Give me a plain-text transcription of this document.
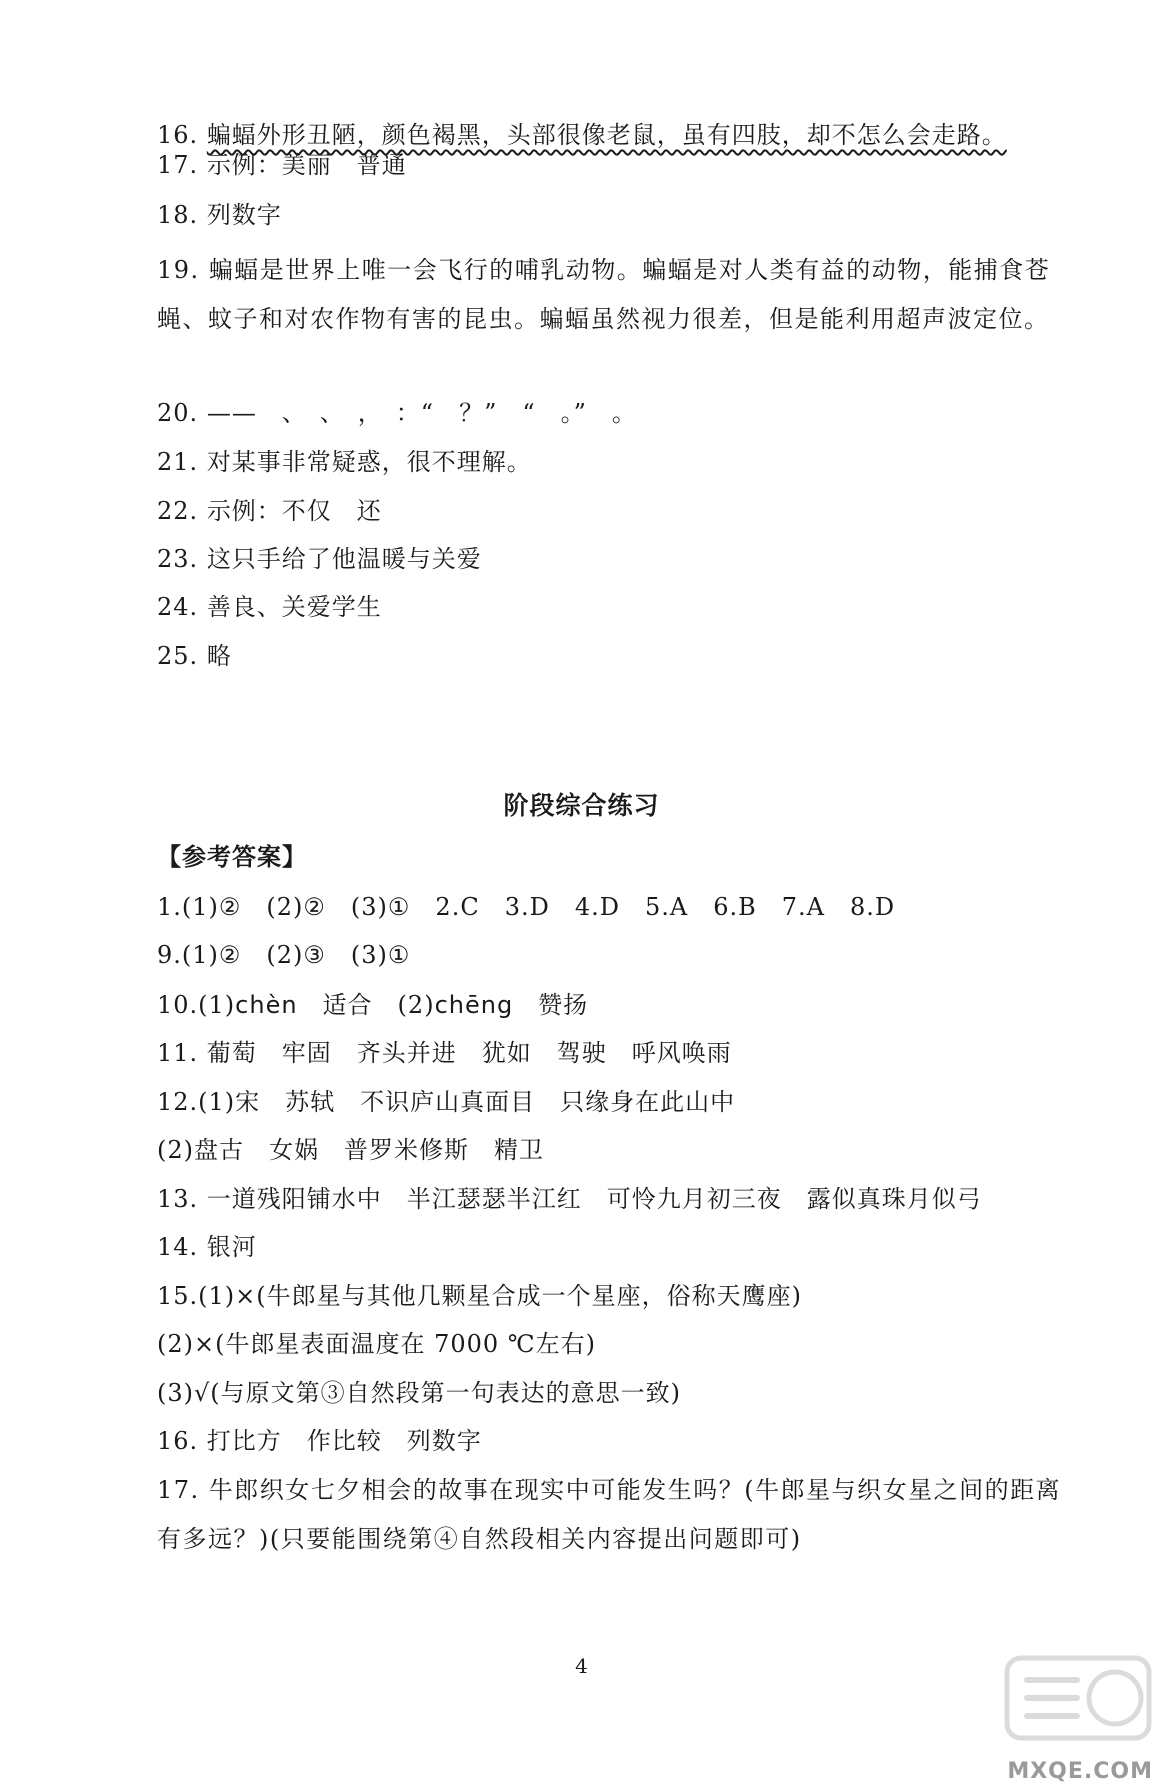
16. 蝙蝠外形丑陋，颜色褐黑，头部很像老鼠，虽有四肢，却不怎么会走路。
17. 示例：美丽　普通
18. 列数字
19. 蝙蝠是世界上唯一会飞行的哺乳动物。蝙蝠是对人类有益的动物，能捕食苍蝇、蚊子和对农作物有害的昆虫。蝙蝠虽然视力很差，但是能利用超声波定位。
20. ——　、　、　，　：“　？”　“　。”　。
21. 对某事非常疑惑，很不理解。
22. 示例：不仅　还
23. 这只手给了他温暖与关爱
24. 善良、关爱学生
25. 略
阶段综合练习
【参考答案】
1.(1)②　(2)②　(3)①　2.C　3.D　4.D　5.A　6.B　7.A　8.D
9.(1)②　(2)③　(3)①
10.(1)chèn　适合　(2)chēng　赞扬
11. 葡萄　牢固　齐头并进　犹如　驾驶　呼风唤雨
12.(1)宋　苏轼　不识庐山真面目　只缘身在此山中
(2)盘古　女娲　普罗米修斯　精卫
13. 一道残阳铺水中　半江瑟瑟半江红　可怜九月初三夜　露似真珠月似弓
14. 银河
15.(1)×(牛郎星与其他几颗星合成一个星座，俗称天鹰座)
(2)×(牛郎星表面温度在 7000 ℃左右)
(3)√(与原文第③自然段第一句表达的意思一致)
16. 打比方　作比较　列数字
17. 牛郎织女七夕相会的故事在现实中可能发生吗？(牛郎星与织女星之间的距离有多远？)(只要能围绕第④自然段相关内容提出问题即可)
4
MXQE.COM
